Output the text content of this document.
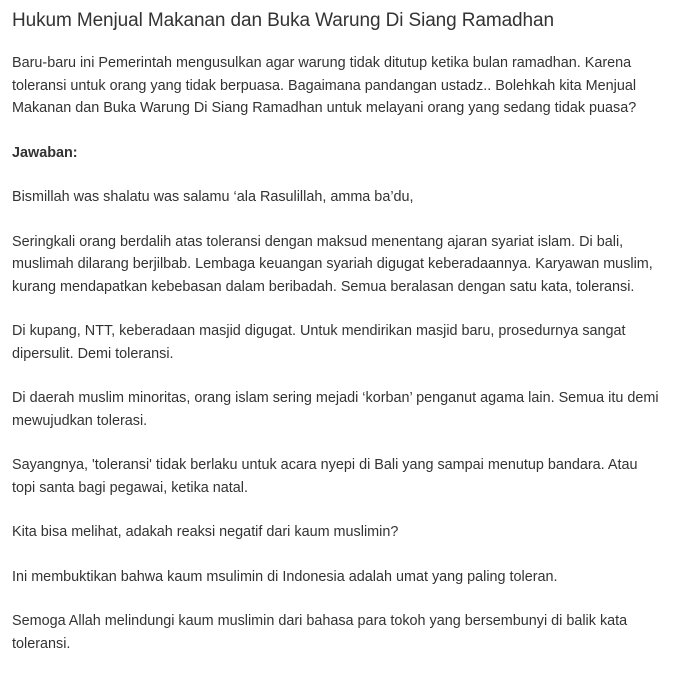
Hukum Menjual Makanan dan Buka Warung Di Siang Ramadhan

Baru-baru ini Pemerintah mengusulkan agar warung tidak ditutup ketika bulan ramadhan. Karena toleransi untuk orang yang tidak berpuasa. Bagaimana pandangan ustadz.. Bolehkah kita Menjual Makanan dan Buka Warung Di Siang Ramadhan untuk melayani orang yang sedang tidak puasa?

Jawaban:

Bismillah was shalatu was salamu ‘ala Rasulillah, amma ba’du,

Seringkali orang berdalih atas toleransi dengan maksud menentang ajaran syariat islam. Di bali, muslimah dilarang berjilbab. Lembaga keuangan syariah digugat keberadaannya. Karyawan muslim, kurang mendapatkan kebebasan dalam beribadah. Semua beralasan dengan satu kata, toleransi.

Di kupang, NTT, keberadaan masjid digugat. Untuk mendirikan masjid baru, prosedurnya sangat dipersulit. Demi toleransi.

Di daerah muslim minoritas, orang islam sering mejadi ‘korban’ penganut agama lain. Semua itu demi mewujudkan tolerasi.

Sayangnya, 'toleransi' tidak berlaku untuk acara nyepi di Bali yang sampai menutup bandara. Atau topi santa bagi pegawai, ketika natal.

Kita bisa melihat, adakah reaksi negatif dari kaum muslimin?

Ini membuktikan bahwa kaum msulimin di Indonesia adalah umat yang paling toleran.

Semoga Allah melindungi kaum muslimin dari bahasa para tokoh yang bersembunyi di balik kata toleransi.
